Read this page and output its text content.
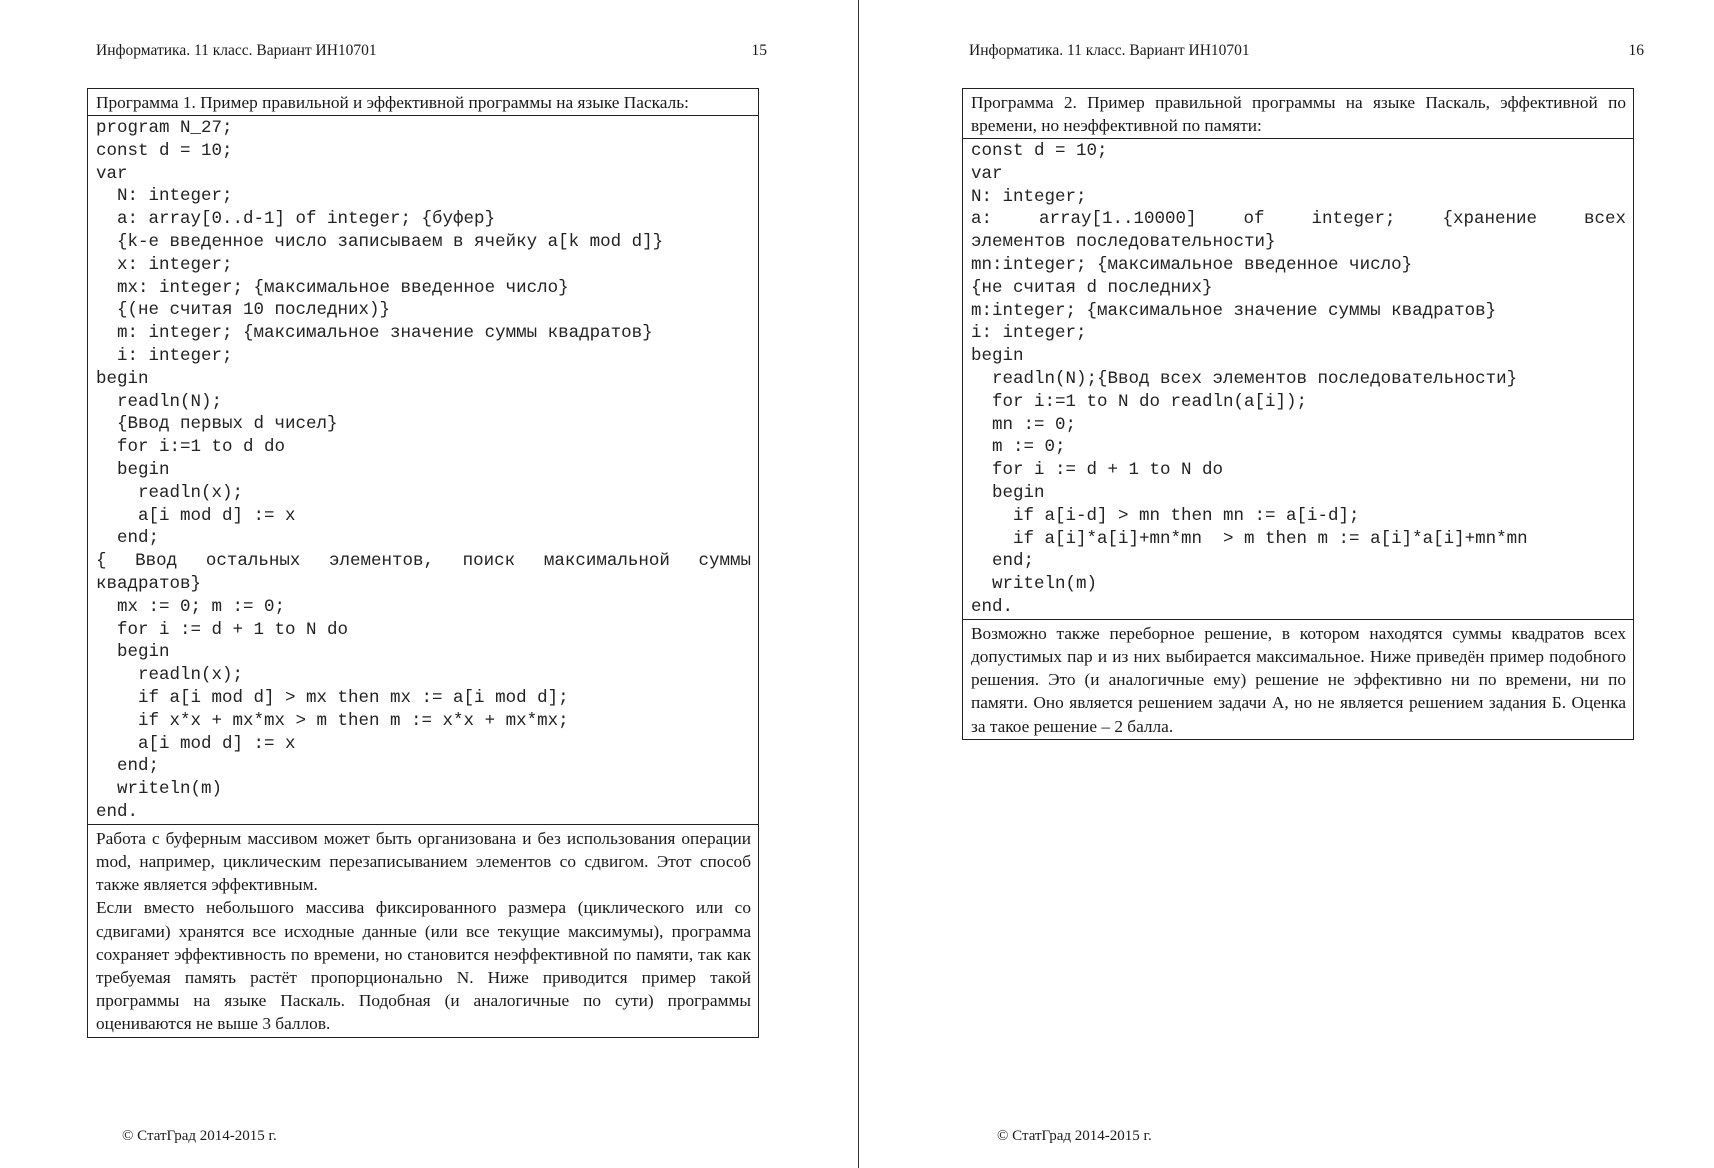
Информатика. 11 класс. Вариант ИН10701	15
Программа 1. Пример правильной и эффективной программы на языке Паскаль:
program N_27;
const d = 10;
var
N: integer;
a: array[0..d-1] of integer; {буфер}
{k-е введенное число записываем в ячейку a[k mod d]}
x: integer;
mx: integer; {максимальное введенное число}
{(не считая 10 последних)}
m: integer; {максимальное значение суммы квадратов}
i: integer;
begin
readln(N);
{Ввод первых d чисел}
for i:=1 to d do
begin
readln(x);
a[i mod d] := x
end;
{ Ввод остальных элементов, поиск максимальной суммы
квадратов}
mx := 0; m := 0;
for i := d + 1 to N do
begin
readln(x);
if a[i mod d] > mx then mx := a[i mod d];
if x*x + mx*mx > m then m := x*x + mx*mx;
a[i mod d] := x
end;
writeln(m)
end.

Работа с буферным массивом может быть организована и без использования операции mod, например, циклическим перезаписыванием элементов со сдвигом. Этот способ также является эффективным.

Если вместо небольшого массива фиксированного размера (циклического или со сдвигами) хранятся все исходные данные (или все текущие максимумы), программа сохраняет эффективность по времени, но становится неэффективной по памяти, так как требуемая память растёт пропорционально N. Ниже приводится пример такой программы на языке Паскаль. Подобная (и аналогичные по сути) программы оцениваются не выше 3 баллов.

© СтатГрад 2014-2015 г.
Информатика. 11 класс. Вариант ИН10701	16
Программа 2. Пример правильной программы на языке Паскаль, эффективной по времени, но неэффективной по памяти:
const d = 10;
var
N: integer;
a: array[1..10000] of integer; {хранение всех
элементов последовательности}
mn:integer; {максимальное введенное число}
{не считая d последних}
m:integer; {максимальное значение суммы квадратов}
i: integer;
begin
readln(N);{Ввод всех элементов последовательности}
for i:=1 to N do readln(a[i]);
mn := 0;
m := 0;
for i := d + 1 to N do
begin
if a[i-d] > mn then mn := a[i-d];
if a[i]*a[i]+mn*mn  > m then m := a[i]*a[i]+mn*mn
end;
writeln(m)
end.

Возможно также переборное решение, в котором находятся суммы квадратов всех допустимых пар и из них выбирается максимальное. Ниже приведён пример подобного решения. Это (и аналогичные ему) решение не эффективно ни по времени, ни по памяти. Оно является решением задачи А, но не является решением задания Б. Оценка за такое решение – 2 балла.

© СтатГрад 2014-2015 г.
